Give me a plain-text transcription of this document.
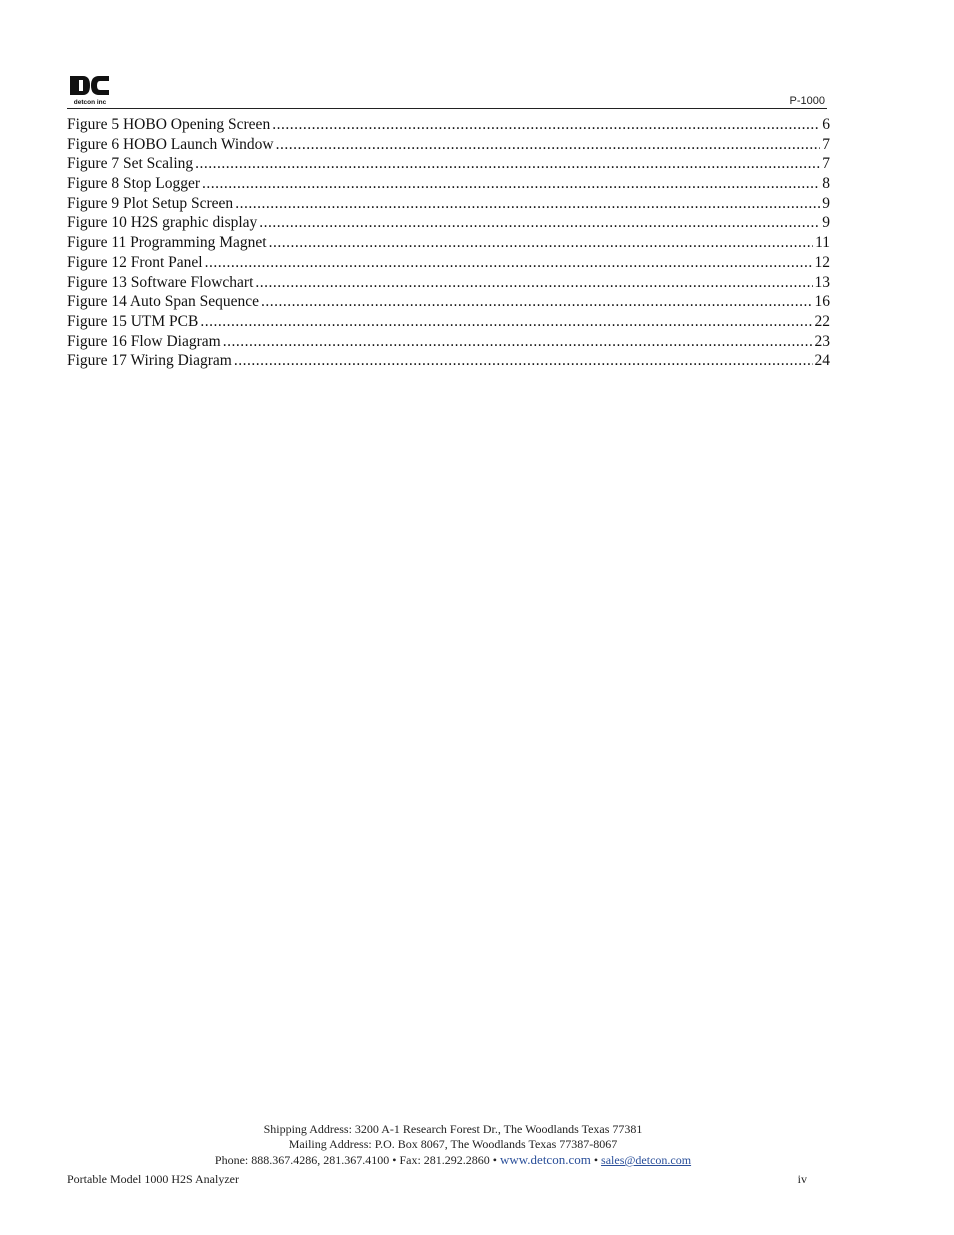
detcon inc	P-1000
Figure 5 HOBO Opening Screen .....	6
Figure 6 HOBO Launch Window .....	7
Figure 7 Set Scaling .....	7
Figure 8 Stop Logger .....	8
Figure 9 Plot Setup Screen .....	9
Figure 10 H2S graphic display .....	9
Figure 11 Programming Magnet .....	11
Figure 12 Front Panel .....	12
Figure 13 Software Flowchart .....	13
Figure 14 Auto Span Sequence .....	16
Figure 15 UTM PCB .....	22
Figure 16 Flow Diagram .....	23
Figure 17 Wiring Diagram .....	24
Shipping Address: 3200 A-1 Research Forest Dr., The Woodlands Texas 77381
Mailing Address: P.O. Box 8067, The Woodlands Texas 77387-8067
Phone: 888.367.4286, 281.367.4100 • Fax: 281.292.2860 • www.detcon.com • sales@detcon.com
Portable Model 1000 H2S Analyzer	iv
